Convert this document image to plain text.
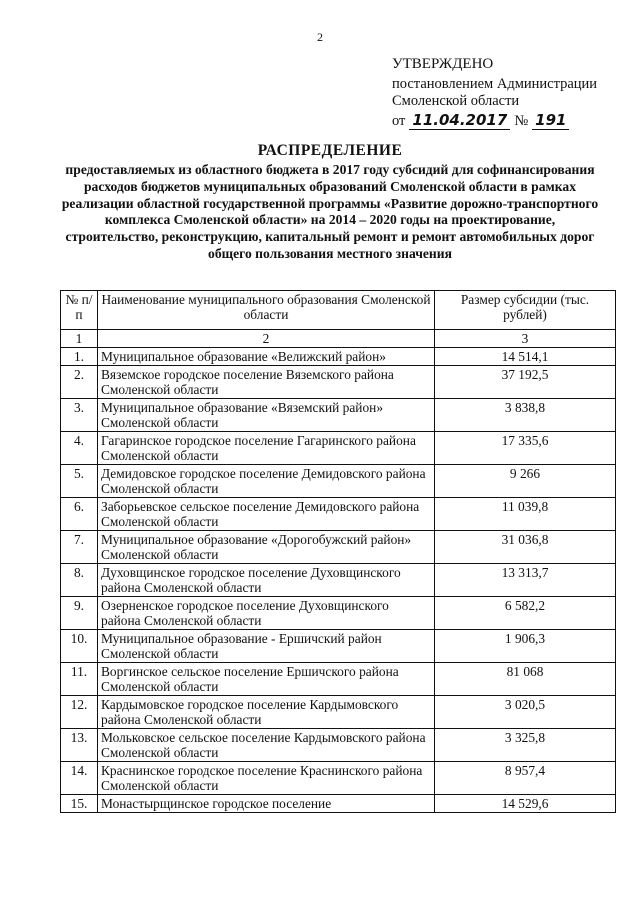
2
УТВЕРЖДЕНО
постановлением Администрации
Смоленской области
от 11.04.2017 № 191
РАСПРЕДЕЛЕНИЕ
предоставляемых из областного бюджета в 2017 году субсидий для софинансирования расходов бюджетов муниципальных образований Смоленской области в рамках реализации областной государственной программы «Развитие дорожно-транспортного комплекса Смоленской области» на 2014 – 2020 годы на проектирование, строительство, реконструкцию, капитальный ремонт и ремонт автомобильных дорог общего пользования местного значения
№ п/п	Наименование муниципального образования Смоленской области	Размер субсидии (тыс. рублей)
1	2	3
1.	Муниципальное образование «Велижский район»	14 514,1
2.	Вяземское городское поселение Вяземского района Смоленской области	37 192,5
3.	Муниципальное образование «Вяземский район» Смоленской области	3 838,8
4.	Гагаринское городское поселение Гагаринского района Смоленской области	17 335,6
5.	Демидовское городское поселение Демидовского района Смоленской области	9 266
6.	Заборьевское сельское поселение Демидовского района Смоленской области	11 039,8
7.	Муниципальное образование «Дорогобужский район» Смоленской области	31 036,8
8.	Духовщинское городское поселение Духовщинского района Смоленской области	13 313,7
9.	Озерненское городское поселение Духовщинского района Смоленской области	6 582,2
10.	Муниципальное образование - Ершичский район Смоленской области	1 906,3
11.	Воргинское сельское поселение Ершичского района Смоленской области	81 068
12.	Кардымовское городское поселение Кардымовского района Смоленской области	3 020,5
13.	Мольковское сельское поселение Кардымовского района Смоленской области	3 325,8
14.	Краснинское городское поселение Краснинского района Смоленской области	8 957,4
15.	Монастырщинское городское поселение	14 529,6
